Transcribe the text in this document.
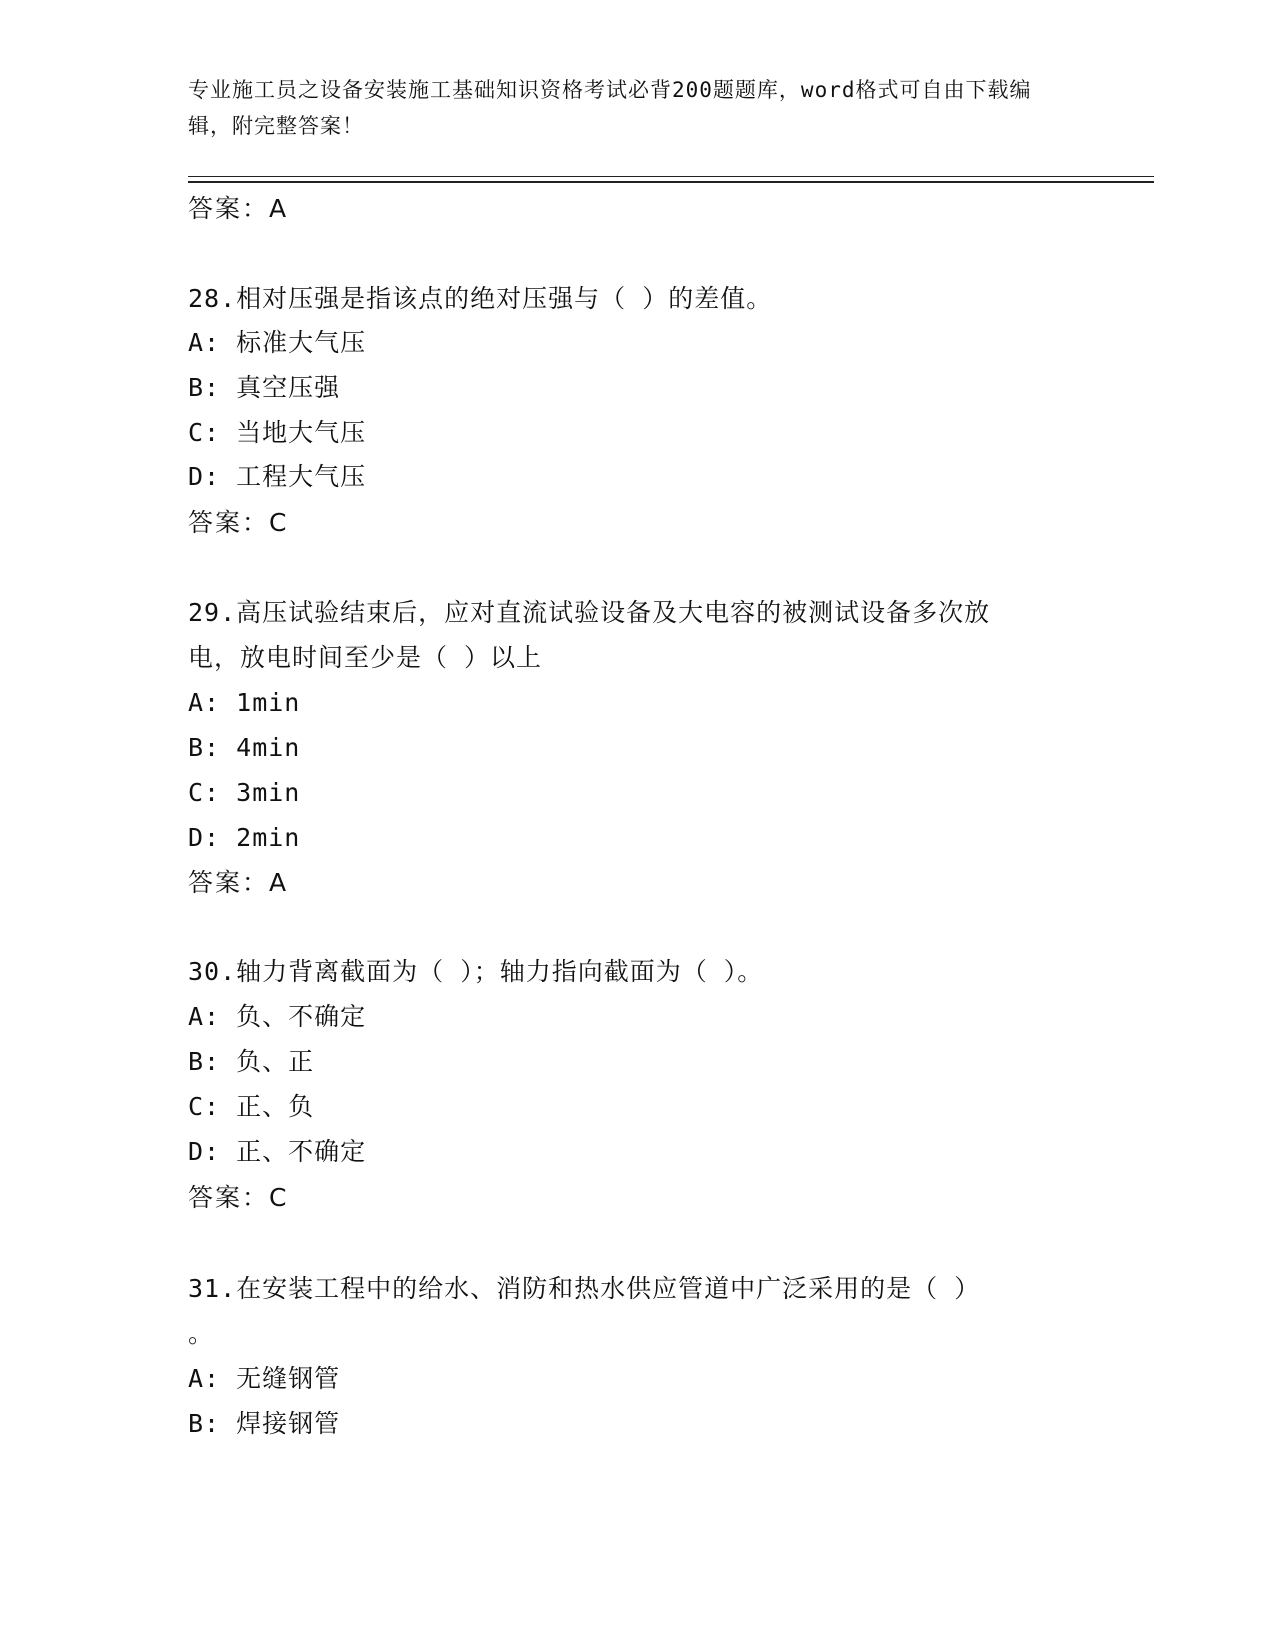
专业施工员之设备安装施工基础知识资格考试必背200题题库，word格式可自由下载编辑，附完整答案！
答案：A
28.相对压强是指该点的绝对压强与（ ）的差值。
A: 标准大气压
B: 真空压强
C: 当地大气压
D: 工程大气压
答案：C
29.高压试验结束后，应对直流试验设备及大电容的被测试设备多次放
电，放电时间至少是（ ）以上
A: 1min
B: 4min
C: 3min
D: 2min
答案：A
30.轴力背离截面为（ ）；轴力指向截面为（ ）。
A: 负、不确定
B: 负、正
C: 正、负
D: 正、不确定
答案：C
31.在安装工程中的给水、消防和热水供应管道中广泛采用的是（ ）
。
A: 无缝钢管
B: 焊接钢管
